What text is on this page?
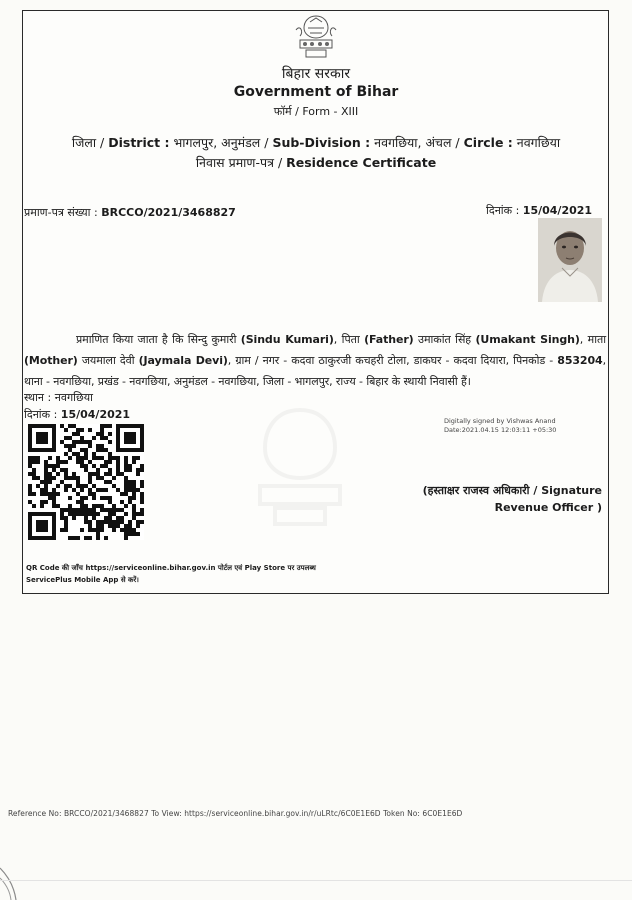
बिहार सरकार
Government of Bihar
फॉर्म / Form - XIII
जिला / District : भागलपुर, अनुमंडल / Sub-Division : नवगछिया, अंचल / Circle : नवगछिया
निवास प्रमाण-पत्र / Residence Certificate
प्रमाण-पत्र संख्या : BRCCO/2021/3468827	दिनांक : 15/04/2021
प्रमाणित किया जाता है कि सिन्दु कुमारी (Sindu Kumari), पिता (Father) उमाकांत सिंह (Umakant Singh), माता (Mother) जयमाला देवी (Jaymala Devi), ग्राम / नगर - कदवा ठाकुरजी कचहरी टोला, डाकघर - कदवा दियारा, पिनकोड - 853204, थाना - नवगछिया, प्रखंड - नवगछिया, अनुमंडल - नवगछिया, जिला - भागलपुर, राज्य - बिहार के स्थायी निवासी हैं।
स्थान : नवगछिया
दिनांक : 15/04/2021	Digitally signed by Vishwas Anand
Date:2021.04.15 12:03:11 +05:30
(हस्ताक्षर राजस्व अधिकारी / Signature Revenue Officer )
QR Code की जाँच https://serviceonline.bihar.gov.in पोर्टल एवं Play Store पर उपलब्ध ServicePlus Mobile App से करें।
Reference No: BRCCO/2021/3468827 To View: https://serviceonline.bihar.gov.in/r/uLRtc/6C0E1E6D Token No: 6C0E1E6D
